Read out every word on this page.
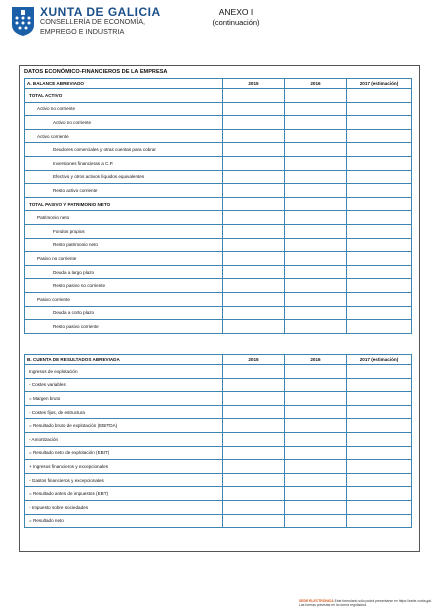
XUNTA DE GALICIA
CONSELLERÍA DE ECONOMÍA,
EMPREGO E INDUSTRIA
ANEXO I
(continuación)
DATOS ECONÓMICO-FINANCIEROS DE LA EMPRESA
A. BALANCE ABREVIADO	2015	2016	2017 (estimación)
TOTAL ACTIVO			
Activo no corriente			
Activo no corriente			
Activo corriente			
Deudores comerciales y otras cuentas para cobrar			
Inversiones financieras a C.P.			
Efectivo y otros activos líquidos equivalentes			
Resto activo corriente			
TOTAL PASIVO Y PATRIMONIO NETO			
Patrimonio neto			
Fondos propios			
Resto patrimonio neto			
Pasivo no corriente			
Deuda a largo plazo			
Resto pasivo no corriente			
Pasivo corriente			
Deuda a corto plazo			
Resto pasivo corriente			
B. CUENTA DE RESULTADOS ABREVIADA	2015	2016	2017 (estimación)
Ingresos de explotación			
- Costes variables			
= Margen bruto			
- Costes fijos, de estructura			
= Resultado bruto de explotación (EBITDA)			
- Amortización			
= Resultado neto de explotación (EBIT)			
+ Ingresos financieros y excepcionales			
- Gastos financieros y excepcionales			
= Resultado antes de impuestos (EBT)			
- Impuesto sobre sociedades			
= Resultado neto			
SEDE ELECTRÓNICA Este formulario sólo podrá presentarse en https://sede.xunta.gal. Las formas previstas en la norma reguladora
